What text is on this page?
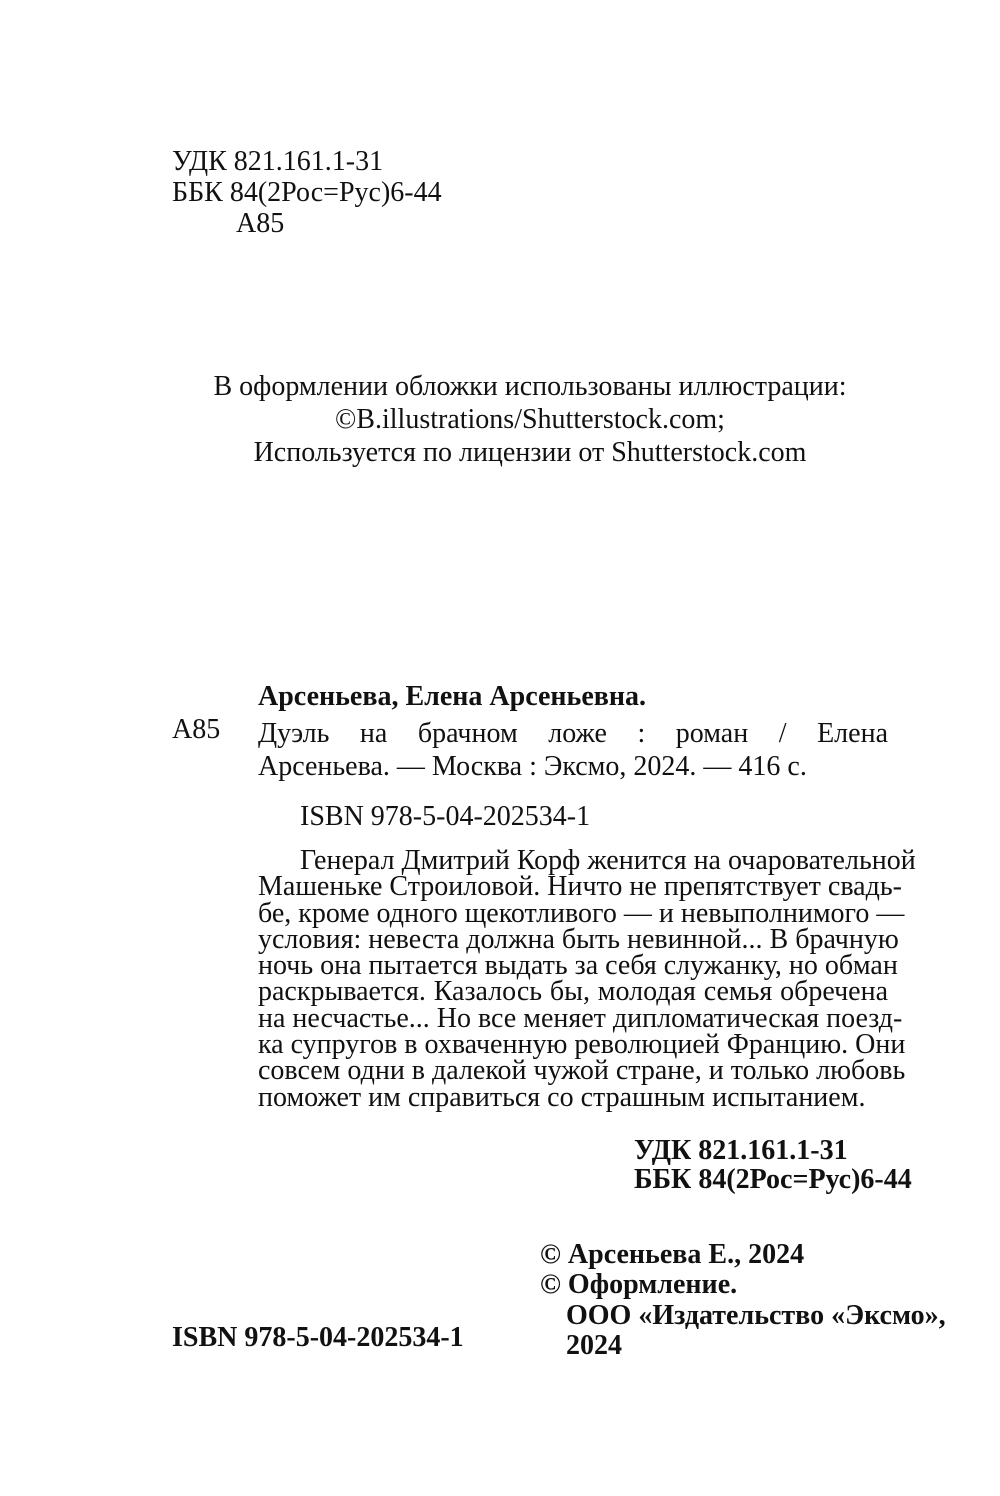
УДК 821.161.1-31
ББК 84(2Рос=Рус)6-44
А85
В оформлении обложки использованы иллюстрации:
©B.illustrations/Shutterstock.com;
Используется по лицензии от Shutterstock.com
Арсеньева, Елена Арсеньевна.
А85 Дуэль на брачном ложе : роман / Елена

Арсеньева. — Москва : Эксмо, 2024. — 416 с.

ISBN 978-5-04-202534-1

Генерал Дмитрий Корф женится на очаровательной

Машеньке Строиловой. Ничто не препятствует свадь-

бе, кроме одного щекотливого — и невыполнимого —

условия: невеста должна быть невинной... В брачную

ночь она пытается выдать за себя служанку, но обман

раскрывается. Казалось бы, молодая семья обречена

на несчастье... Но все меняет дипломатическая поезд-

ка супругов в охваченную революцией Францию. Они

совсем одни в далекой чужой стране, и только любовь

поможет им справиться со страшным испытанием.

УДК 821.161.1-31
ББК 84(2Рос=Рус)6-44
© Арсеньева Е., 2024
© Оформление.
ООО «Издательство «Эксмо»,
2024
ISBN 978-5-04-202534-1
